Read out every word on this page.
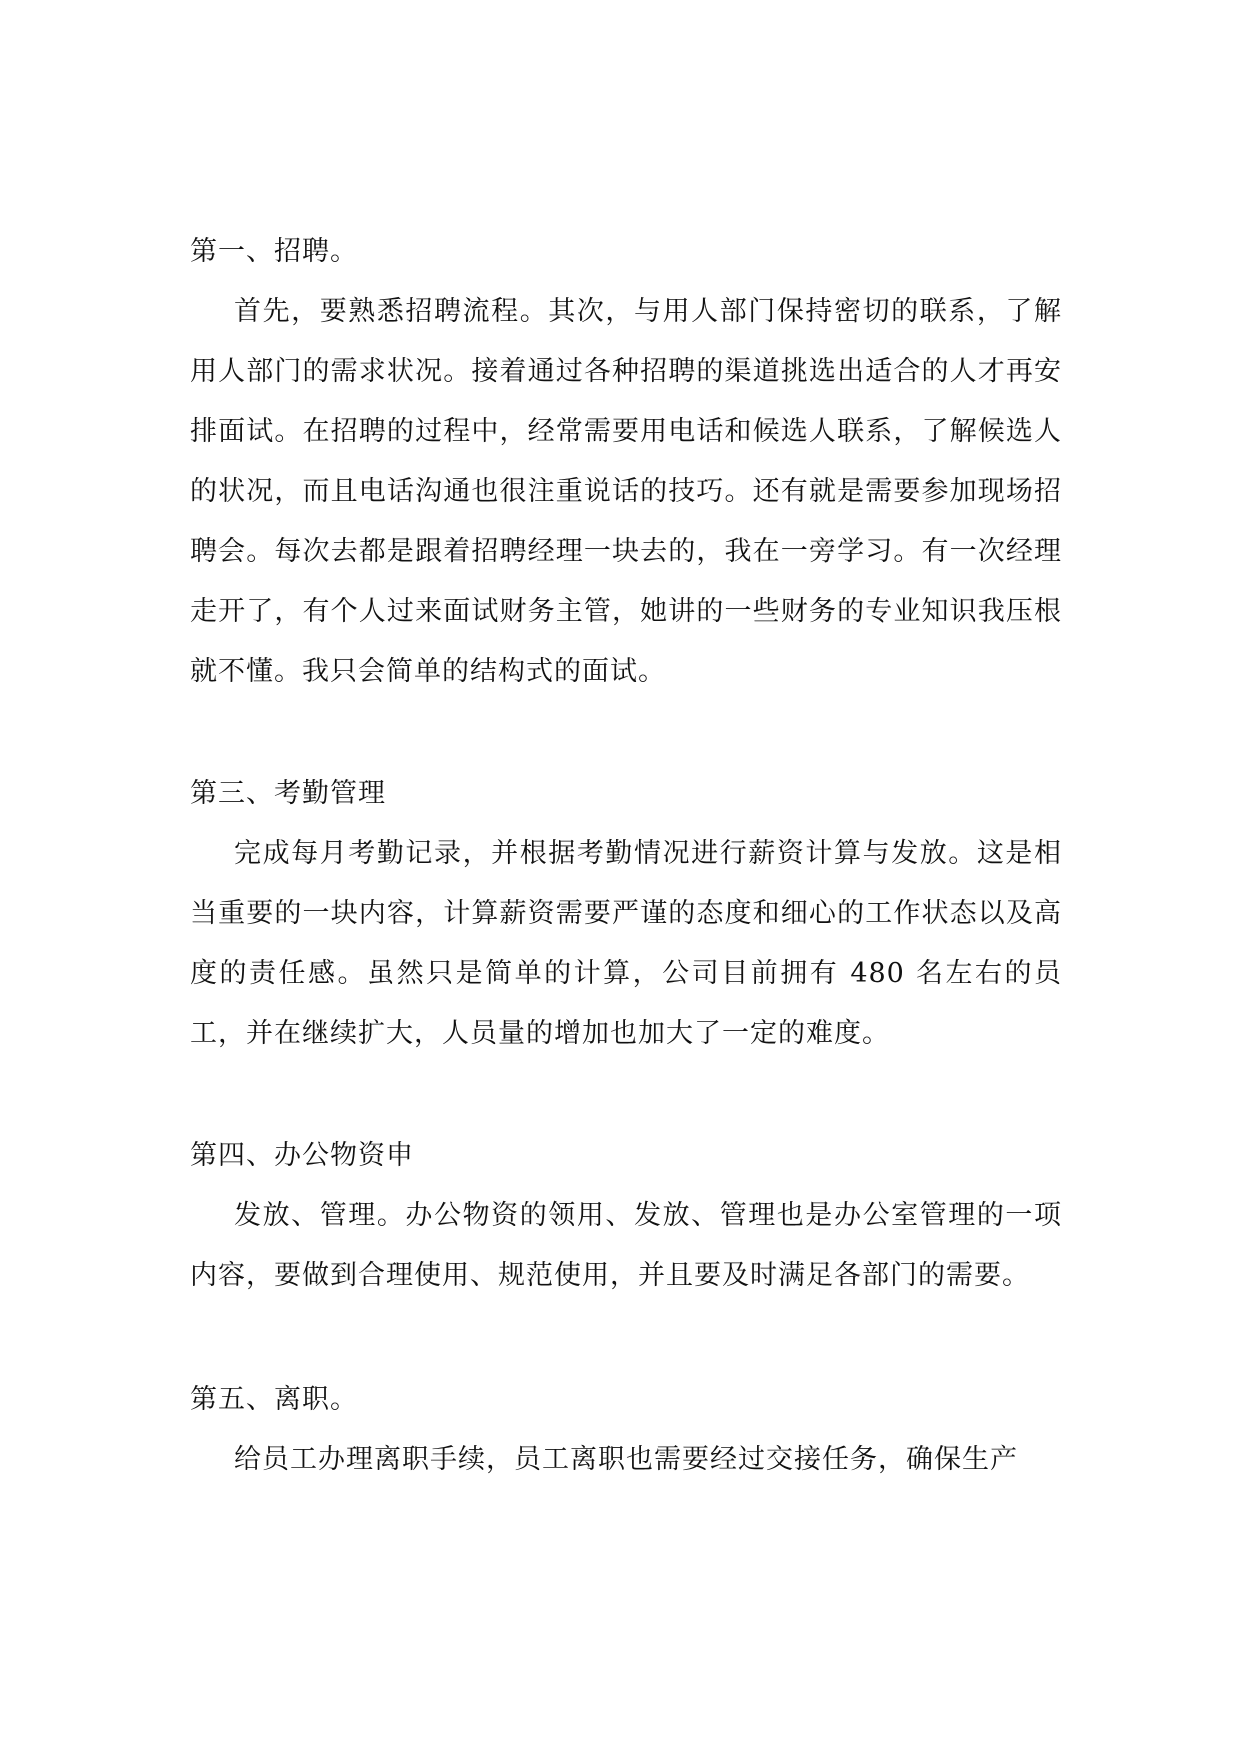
第一、招聘。

首先，要熟悉招聘流程。其次，与用人部门保持密切的联系，了解用人部门的需求状况。接着通过各种招聘的渠道挑选出适合的人才再安排面试。在招聘的过程中，经常需要用电话和候选人联系，了解候选人的状况，而且电话沟通也很注重说话的技巧。还有就是需要参加现场招聘会。每次去都是跟着招聘经理一块去的，我在一旁学习。有一次经理走开了，有个人过来面试财务主管，她讲的一些财务的专业知识我压根就不懂。我只会简单的结构式的面试。

第三、考勤管理

完成每月考勤记录，并根据考勤情况进行薪资计算与发放。这是相当重要的一块内容，计算薪资需要严谨的态度和细心的工作状态以及高度的责任感。虽然只是简单的计算，公司目前拥有 480 名左右的员工，并在继续扩大，人员量的增加也加大了一定的难度。

第四、办公物资申

发放、管理。办公物资的领用、发放、管理也是办公室管理的一项内容，要做到合理使用、规范使用，并且要及时满足各部门的需要。

第五、离职。

给员工办理离职手续，员工离职也需要经过交接任务，确保生产
